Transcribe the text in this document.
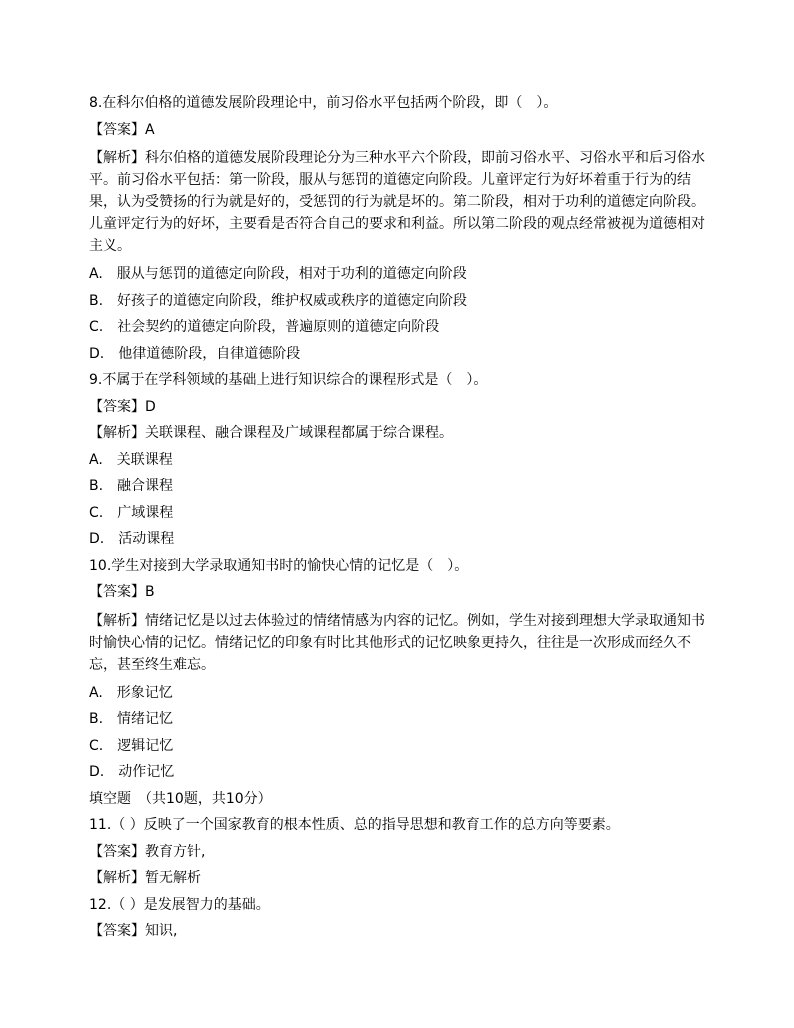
8.在科尔伯格的道德发展阶段理论中，前习俗水平包括两个阶段，即（　）。
【答案】A
【解析】科尔伯格的道德发展阶段理论分为三种水平六个阶段，即前习俗水平、习俗水平和后习俗水平。前习俗水平包括：第一阶段，服从与惩罚的道德定向阶段。儿童评定行为好坏着重于行为的结果，认为受赞扬的行为就是好的，受惩罚的行为就是坏的。第二阶段，相对于功利的道德定向阶段。儿童评定行为的好坏，主要看是否符合自己的要求和利益。所以第二阶段的观点经常被视为道德相对主义。
A.　服从与惩罚的道德定向阶段，相对于功利的道德定向阶段
B.　好孩子的道德定向阶段，维护权威或秩序的道德定向阶段
C.　社会契约的道德定向阶段，普遍原则的道德定向阶段
D.　他律道德阶段，自律道德阶段
9.不属于在学科领域的基础上进行知识综合的课程形式是（　）。
【答案】D
【解析】关联课程、融合课程及广域课程都属于综合课程。
A.　关联课程
B.　融合课程
C.　广域课程
D.　活动课程
10.学生对接到大学录取通知书时的愉快心情的记忆是（　）。
【答案】B
【解析】情绪记忆是以过去体验过的情绪情感为内容的记忆。例如，学生对接到理想大学录取通知书时愉快心情的记忆。情绪记忆的印象有时比其他形式的记忆映象更持久，往往是一次形成而经久不忘，甚至终生难忘。
A.　形象记忆
B.　情绪记忆
C.　逻辑记忆
D.　动作记忆
填空题　（共10题，共10分）
11.（ ）反映了一个国家教育的根本性质、总的指导思想和教育工作的总方向等要素。
【答案】教育方针,
【解析】暂无解析
12.（ ）是发展智力的基础。
【答案】知识,
